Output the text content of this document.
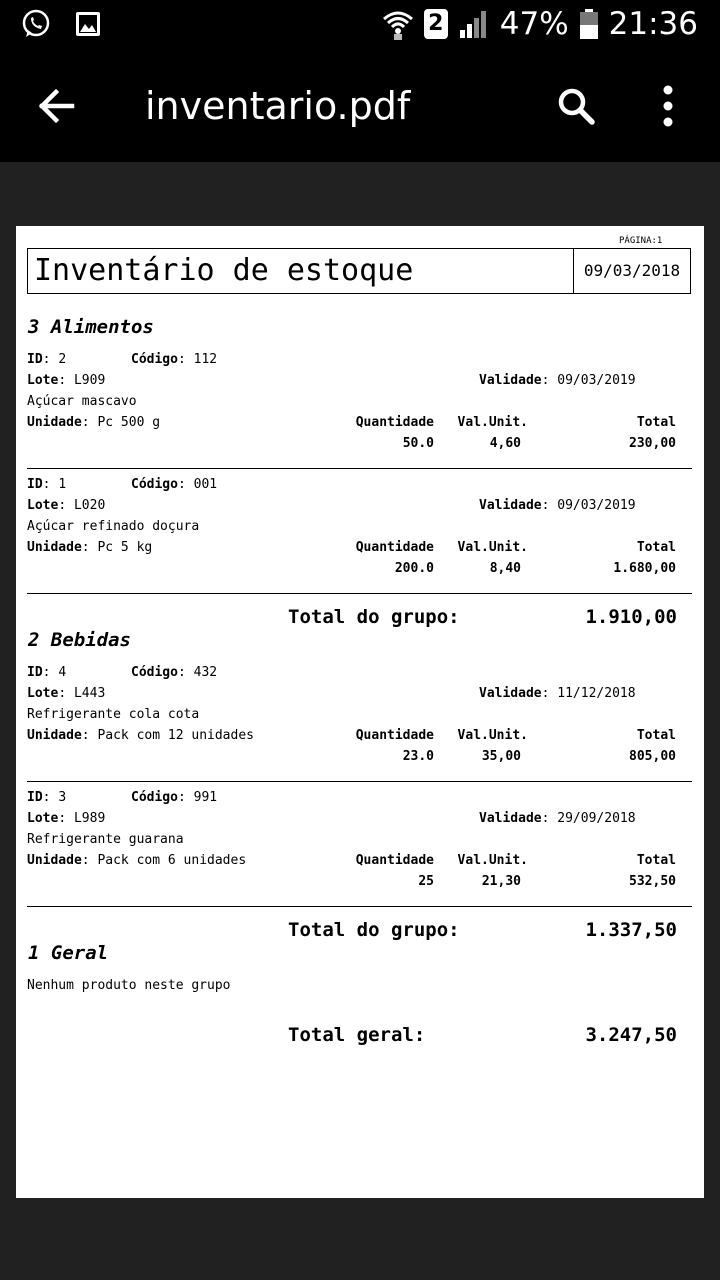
2 47% 21:36
inventario.pdf
PÁGINA:1
Inventário de estoque	09/03/2018
3 Alimentos
ID: 2	Código: 112
Lote: L909	Validade: 09/03/2019
Açúcar mascavo
Unidade: Pc 500 g	Quantidade	Val.Unit.	Total
50.0	4,60	230,00
ID: 1	Código: 001
Lote: L020	Validade: 09/03/2019
Açúcar refinado doçura
Unidade: Pc 5 kg	Quantidade	Val.Unit.	Total
200.0	8,40	1.680,00
Total do grupo:	1.910,00
2 Bebidas
ID: 4	Código: 432
Lote: L443	Validade: 11/12/2018
Refrigerante cola cota
Unidade: Pack com 12 unidades	Quantidade	Val.Unit.	Total
23.0	35,00	805,00
ID: 3	Código: 991
Lote: L989	Validade: 29/09/2018
Refrigerante guarana
Unidade: Pack com 6 unidades	Quantidade	Val.Unit.	Total
25	21,30	532,50
Total do grupo:	1.337,50
1 Geral
Nenhum produto neste grupo
Total geral:	3.247,50
